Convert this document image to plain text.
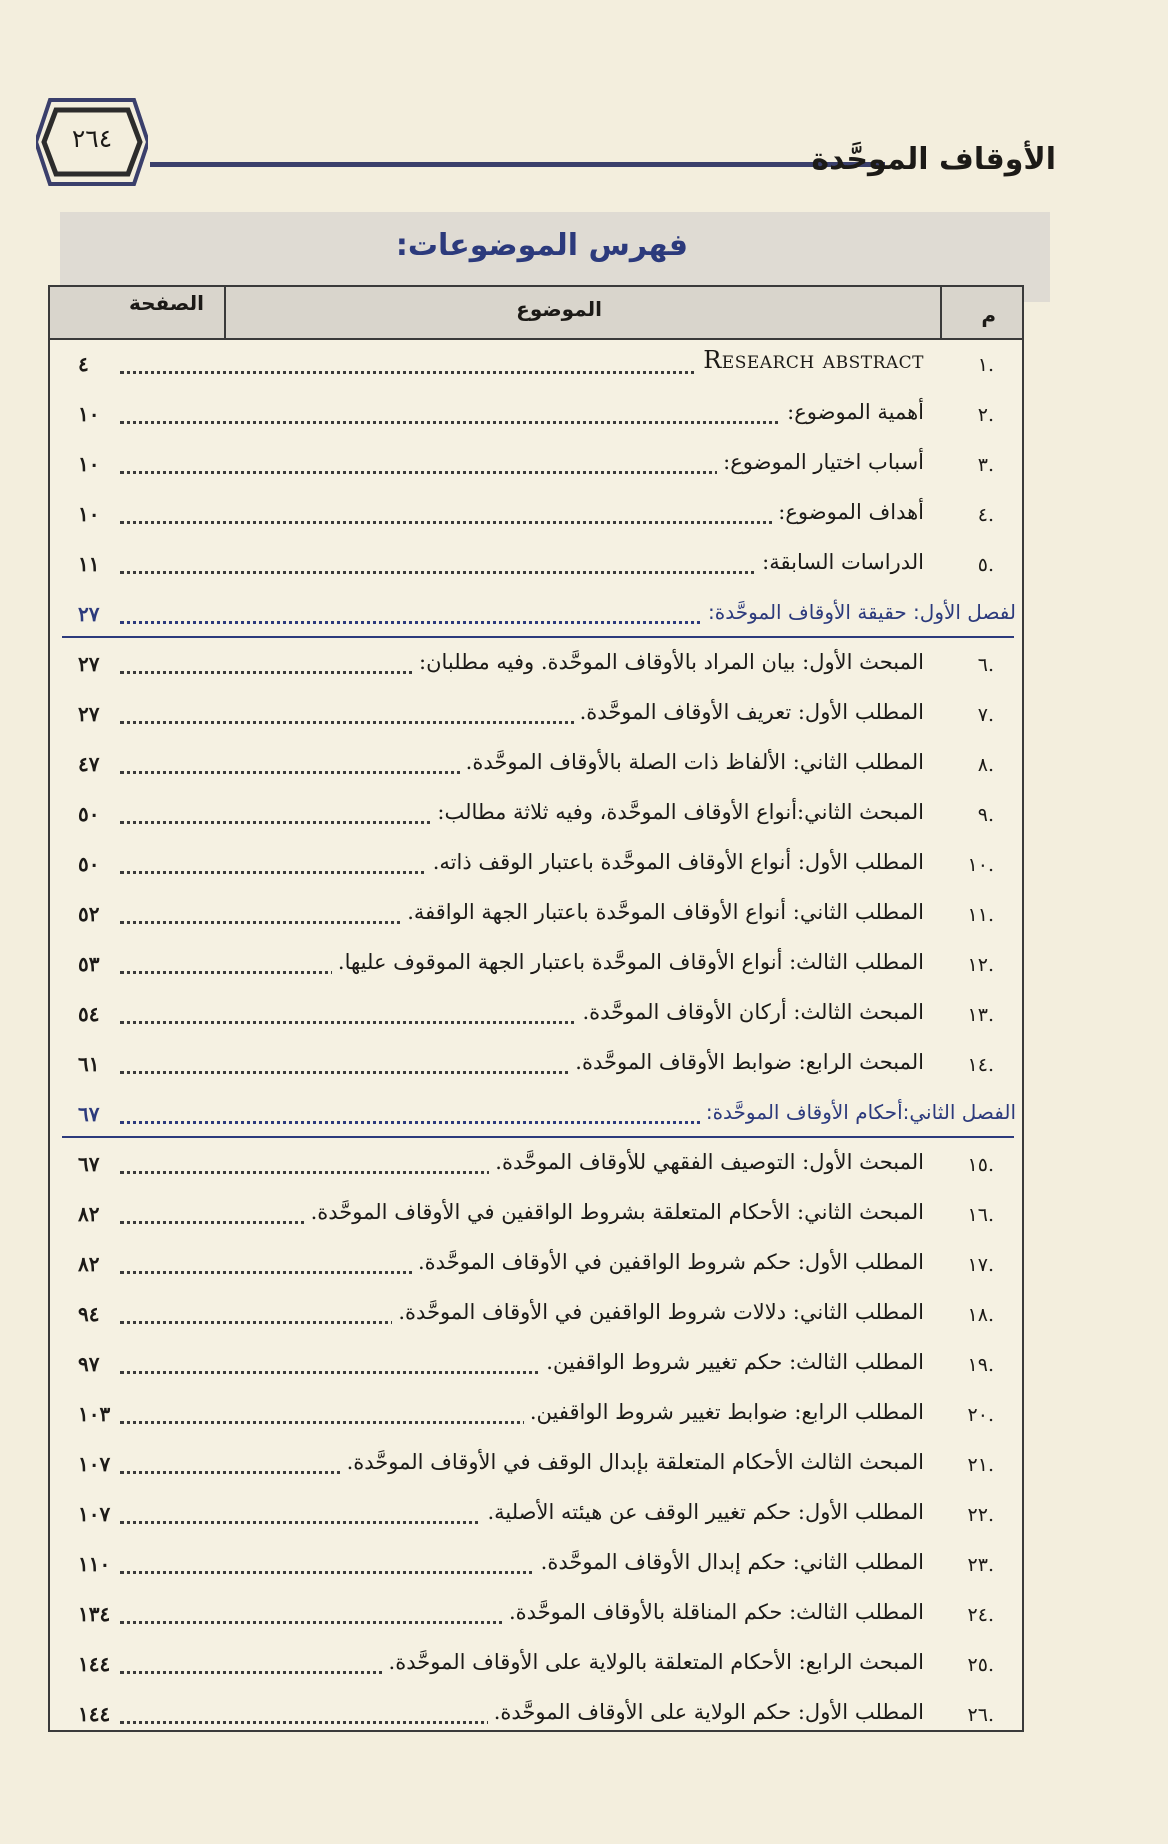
الأوقاف الموحَّدة
٢٦٤
فهرس الموضوعات:
م
الموضوع
الصفحة
.١
Research abstract
٤
.٢
أهمية الموضوع:
١٠
.٣
أسباب اختيار الموضوع:
١٠
.٤
أهداف الموضوع:
١٠
.٥
الدراسات السابقة:
١١
لفصل الأول: حقيقة الأوقاف الموحَّدة:
٢٧
.٦
المبحث الأول: بيان المراد بالأوقاف الموحَّدة. وفيه مطلبان:
٢٧
.٧
المطلب الأول: تعريف الأوقاف الموحَّدة.
٢٧
.٨
المطلب الثاني: الألفاظ ذات الصلة بالأوقاف الموحَّدة.
٤٧
.٩
المبحث الثاني:أنواع الأوقاف الموحَّدة، وفيه ثلاثة مطالب:
٥٠
.١٠
المطلب الأول: أنواع الأوقاف الموحَّدة باعتبار الوقف ذاته.
٥٠
.١١
المطلب الثاني: أنواع الأوقاف الموحَّدة باعتبار الجهة الواقفة.
٥٢
.١٢
المطلب الثالث: أنواع الأوقاف الموحَّدة باعتبار الجهة الموقوف عليها.
٥٣
.١٣
المبحث الثالث: أركان الأوقاف الموحَّدة.
٥٤
.١٤
المبحث الرابع: ضوابط الأوقاف الموحَّدة.
٦١
الفصل الثاني:أحكام الأوقاف الموحَّدة:
٦٧
.١٥
المبحث الأول: التوصيف الفقهي للأوقاف الموحَّدة.
٦٧
.١٦
المبحث الثاني: الأحكام المتعلقة بشروط الواقفين في الأوقاف الموحَّدة.
٨٢
.١٧
المطلب الأول: حكم شروط الواقفين في الأوقاف الموحَّدة.
٨٢
.١٨
المطلب الثاني: دلالات شروط الواقفين في الأوقاف الموحَّدة.
٩٤
.١٩
المطلب الثالث: حكم تغيير شروط الواقفين.
٩٧
.٢٠
المطلب الرابع: ضوابط تغيير شروط الواقفين.
١٠٣
.٢١
المبحث الثالث الأحكام المتعلقة بإبدال الوقف في الأوقاف الموحَّدة.
١٠٧
.٢٢
المطلب الأول: حكم تغيير الوقف عن هيئته الأصلية.
١٠٧
.٢٣
المطلب الثاني: حكم إبدال الأوقاف الموحَّدة.
١١٠
.٢٤
المطلب الثالث: حكم المناقلة بالأوقاف الموحَّدة.
١٣٤
.٢٥
المبحث الرابع: الأحكام المتعلقة بالولاية على الأوقاف الموحَّدة.
١٤٤
.٢٦
المطلب الأول: حكم الولاية على الأوقاف الموحَّدة.
١٤٤
